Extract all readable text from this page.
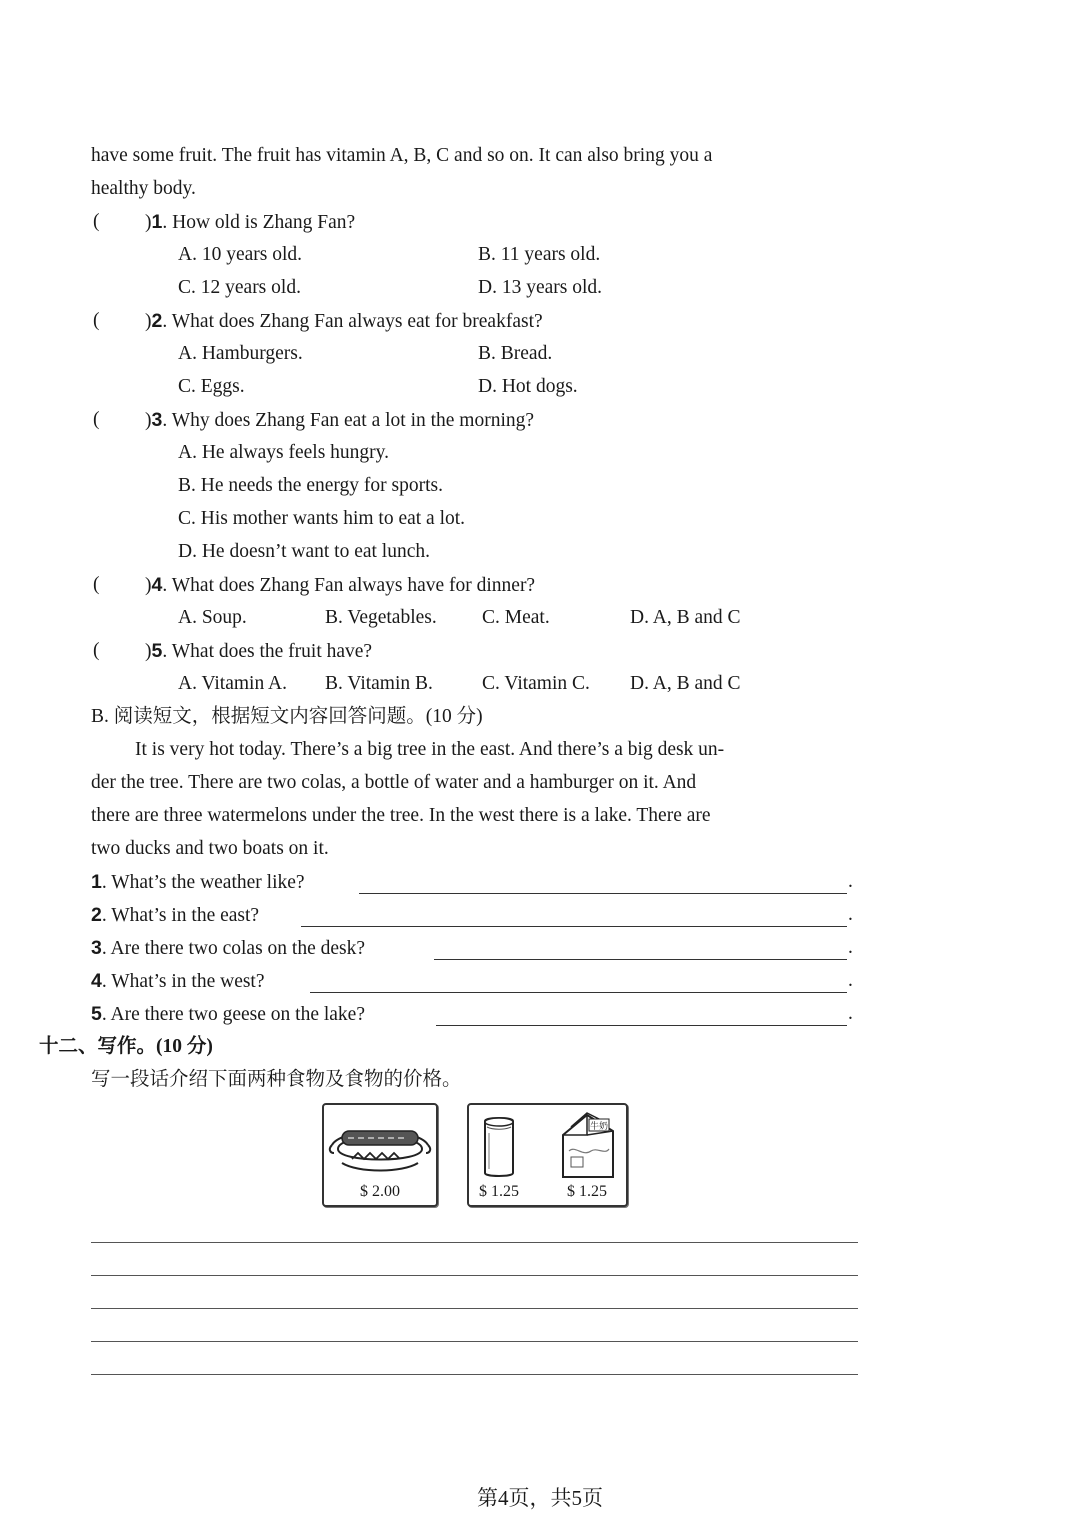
have some fruit. The fruit has vitamin A, B, C and so on. It can also bring you a
healthy body.
( )1. How old is Zhang Fan?
A. 10 years old.	B. 11 years old.
C. 12 years old.	D. 13 years old.
( )2. What does Zhang Fan always eat for breakfast?
A. Hamburgers.	B. Bread.
C. Eggs.	D. Hot dogs.
( )3. Why does Zhang Fan eat a lot in the morning?
A. He always feels hungry.
B. He needs the energy for sports.
C. His mother wants him to eat a lot.
D. He doesn’t want to eat lunch.
( )4. What does Zhang Fan always have for dinner?
A. Soup.	B. Vegetables. C. Meat.	D. A, B and C
( )5. What does the fruit have?
A. Vitamin A. B. Vitamin B.	C. Vitamin C. D. A, B and C
B. 阅读短文，根据短文内容回答问题。(10 分)
It is very hot today. There’s a big tree in the east. And there’s a big desk un-
der the tree. There are two colas, a bottle of water and a hamburger on it. And
there are three watermelons under the tree. In the west there is a lake. There are
two ducks and two boats on it.
1. What’s the weather like?	.
2. What’s in the east?	.
3. Are there two colas on the desk?	.
4. What’s in the west?	.
5. Are there two geese on the lake?	.
十二、写作。(10 分)
写一段话介绍下面两种食物及食物的价格。
$ 2.00
牛奶
$ 1.25	$ 1.25
第4页，共5页
